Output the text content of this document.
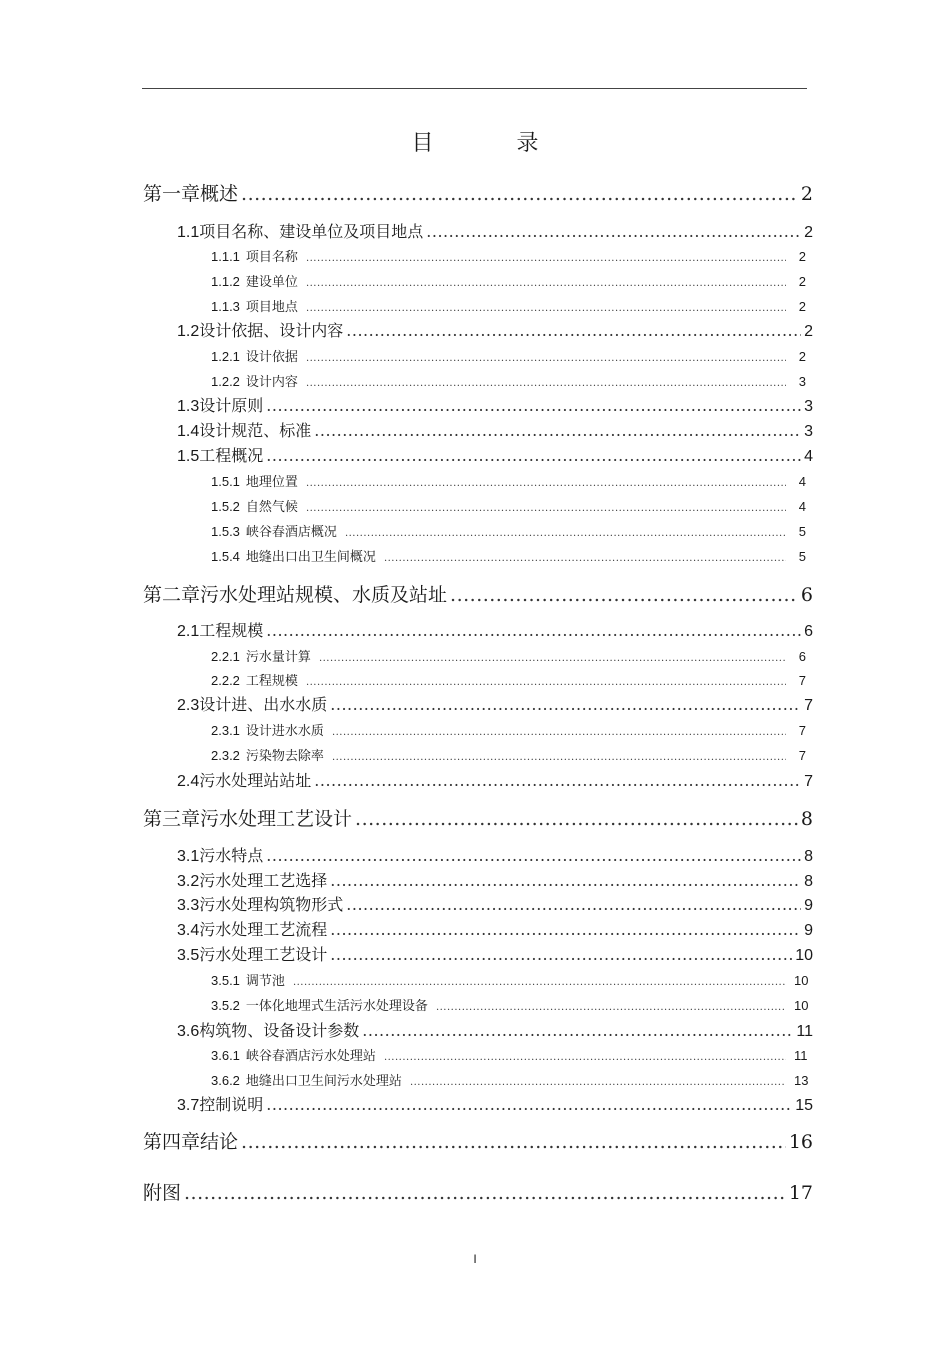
目 录
第一章 概述 .....	2
1.1 项目名称、建设单位及项目地点 .....	2
1.1.1 项目名称 .....	2
1.1.2 建设单位 .....	2
1.1.3 项目地点 .....	2
1.2 设计依据、设计内容 .....	2
1.2.1 设计依据 .....	2
1.2.2 设计内容 .....	3
1.3 设计原则 .....	3
1.4 设计规范、标准 .....	3
1.5 工程概况 .....	4
1.5.1 地理位置 .....	4
1.5.2 自然气候 .....	4
1.5.3 峡谷春酒店概况 .....	5
1.5.4 地缝出口出卫生间概况 .....	5
第二章 污水处理站规模、水质及站址 .....	6
2.1 工程规模 .....	6
2.2.1 污水量计算 .....	6
2.2.2 工程规模 .....	7
2.3 设计进、出水水质 .....	7
2.3.1 设计进水水质 .....	7
2.3.2 污染物去除率 .....	7
2.4 污水处理站站址 .....	7
第三章 污水处理工艺设计 .....	8
3.1 污水特点 .....	8
3.2 污水处理工艺选择 .....	8
3.3 污水处理构筑物形式 .....	9
3.4 污水处理工艺流程 .....	9
3.5 污水处理工艺设计 .....	10
3.5.1 调节池 .....	10
3.5.2 一体化地埋式生活污水处理设备 .....	10
3.6 构筑物、设备设计参数 .....	11
3.6.1 峡谷春酒店污水处理站 .....	11
3.6.2 地缝出口卫生间污水处理站 .....	13
3.7 控制说明 .....	15
第四章 结论 .....	16
附图 .....	17
I
